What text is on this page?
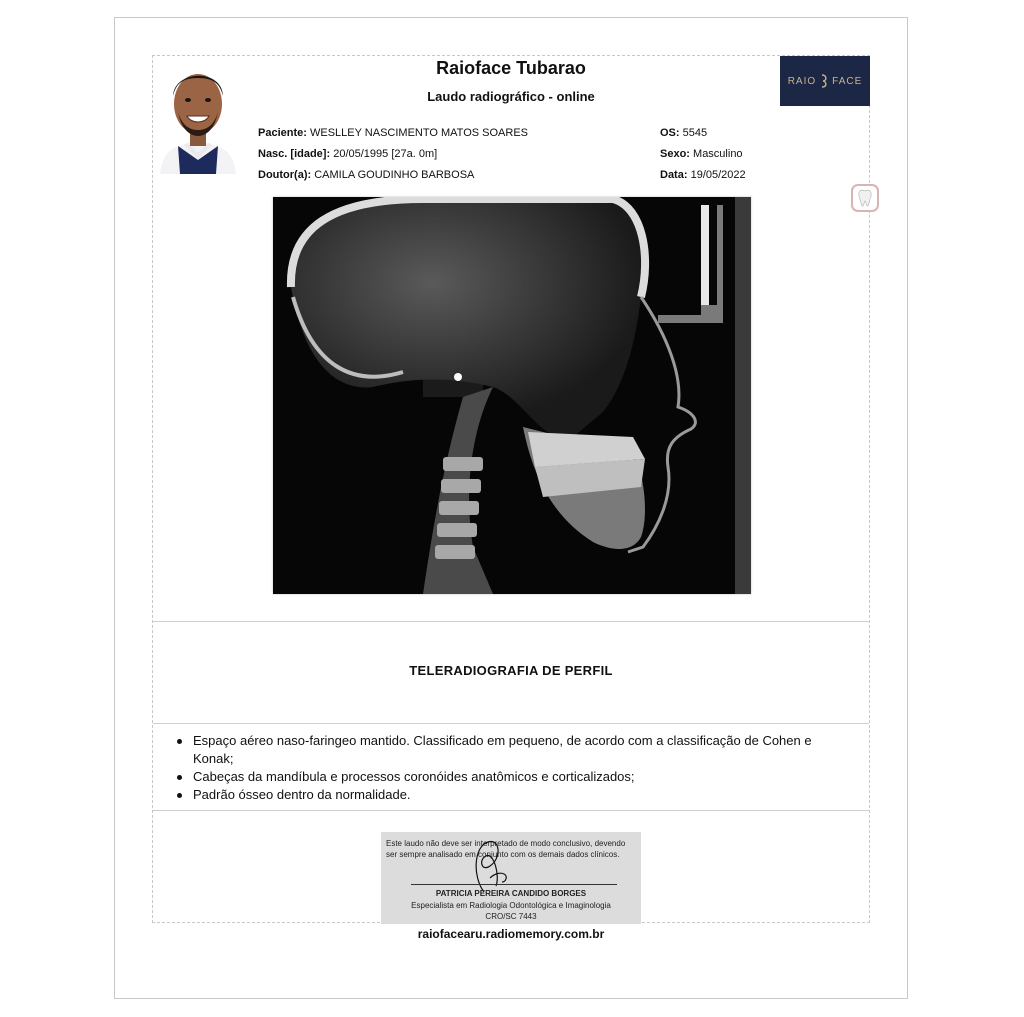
Raioface Tubarao
Laudo radiográfico - online
RAIO FACE
Paciente: WESLLEY NASCIMENTO MATOS SOARES
Nasc. [idade]: 20/05/1995 [27a. 0m]
Doutor(a): CAMILA GOUDINHO BARBOSA
OS: 5545
Sexo: Masculino
Data: 19/05/2022
TELERADIOGRAFIA DE PERFIL
Espaço aéreo naso-faringeo mantido. Classificado em pequeno, de acordo com a classificação de Cohen e Konak;
Cabeças da mandíbula e processos coronóides anatômicos e corticalizados;
Padrão ósseo dentro da normalidade.
Este laudo não deve ser interpretado de modo conclusivo, devendo ser sempre analisado em conjunto com os demais dados clínicos.
PATRICIA PEREIRA CANDIDO BORGES
Especialista em Radiologia Odontológica e Imaginologia
CRO/SC 7443
raiofacearu.radiomemory.com.br
